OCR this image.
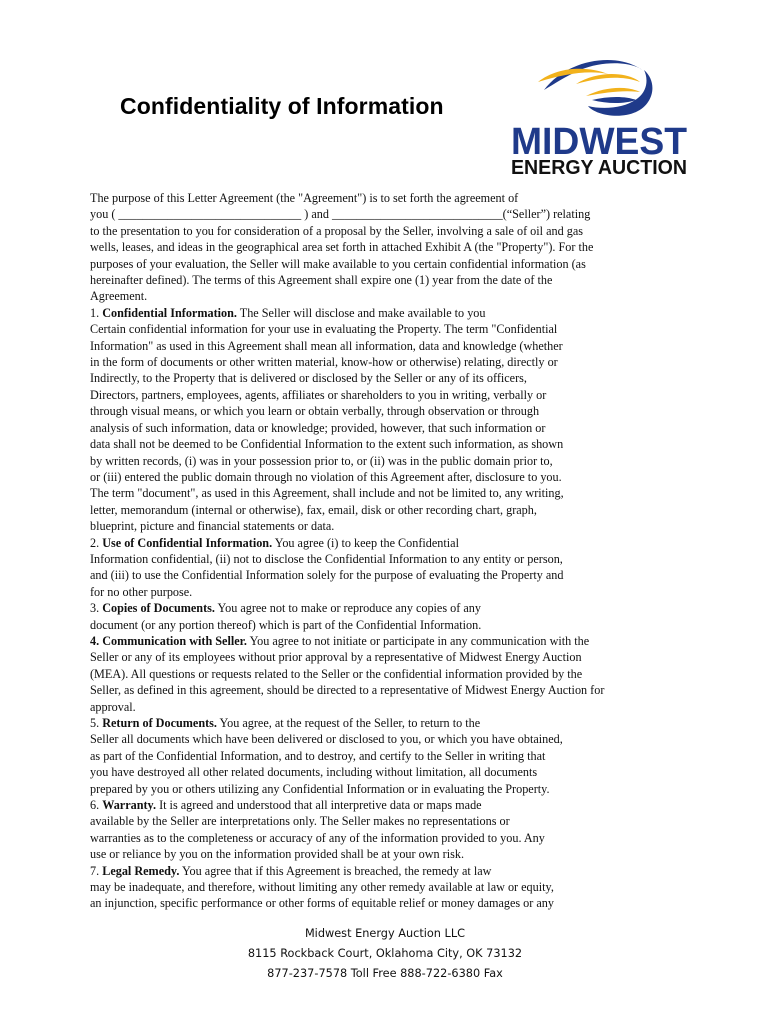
Confidentiality of Information
MIDWEST
ENERGY AUCTION
The purpose of this Letter Agreement (the "Agreement") is to set forth the agreement of
you ( ______________________________ ) and ____________________________(“Seller”) relating
to the presentation to you for consideration of a proposal by the Seller, involving a sale of oil and gas
wells, leases, and ideas in the geographical area set forth in attached Exhibit A (the "Property"). For the
purposes of your evaluation, the Seller will make available to you certain confidential information (as
hereinafter defined). The terms of this Agreement shall expire one (1) year from the date of the
Agreement.
1. Confidential Information. The Seller will disclose and make available to you
Certain confidential information for your use in evaluating the Property. The term "Confidential
Information" as used in this Agreement shall mean all information, data and knowledge (whether
in the form of documents or other written material, know-how or otherwise) relating, directly or
Indirectly, to the Property that is delivered or disclosed by the Seller or any of its officers,
Directors, partners, employees, agents, affiliates or shareholders to you in writing, verbally or
through visual means, or which you learn or obtain verbally, through observation or through
analysis of such information, data or knowledge; provided, however, that such information or
data shall not be deemed to be Confidential Information to the extent such information, as shown
by written records, (i) was in your possession prior to, or (ii) was in the public domain prior to,
or (iii) entered the public domain through no violation of this Agreement after, disclosure to you.
The term "document", as used in this Agreement, shall include and not be limited to, any writing,
letter, memorandum (internal or otherwise), fax, email, disk or other recording chart, graph,
blueprint, picture and financial statements or data.
2. Use of Confidential Information. You agree (i) to keep the Confidential
Information confidential, (ii) not to disclose the Confidential Information to any entity or person,
and (iii) to use the Confidential Information solely for the purpose of evaluating the Property and
for no other purpose.
3. Copies of Documents. You agree not to make or reproduce any copies of any
document (or any portion thereof) which is part of the Confidential Information.
4. Communication with Seller. You agree to not initiate or participate in any communication with the
Seller or any of its employees without prior approval by a representative of Midwest Energy Auction
(MEA). All questions or requests related to the Seller or the confidential information provided by the
Seller, as defined in this agreement, should be directed to a representative of Midwest Energy Auction for
approval.
5. Return of Documents. You agree, at the request of the Seller, to return to the
Seller all documents which have been delivered or disclosed to you, or which you have obtained,
as part of the Confidential Information, and to destroy, and certify to the Seller in writing that
you have destroyed all other related documents, including without limitation, all documents
prepared by you or others utilizing any Confidential Information or in evaluating the Property.
6. Warranty. It is agreed and understood that all interpretive data or maps made
available by the Seller are interpretations only. The Seller makes no representations or
warranties as to the completeness or accuracy of any of the information provided to you. Any
use or reliance by you on the information provided shall be at your own risk.
7. Legal Remedy. You agree that if this Agreement is breached, the remedy at law
may be inadequate, and therefore, without limiting any other remedy available at law or equity,
an injunction, specific performance or other forms of equitable relief or money damages or any
Midwest Energy Auction LLC
8115 Rockback Court, Oklahoma City, OK 73132
877-237-7578 Toll Free 888-722-6380 Fax
